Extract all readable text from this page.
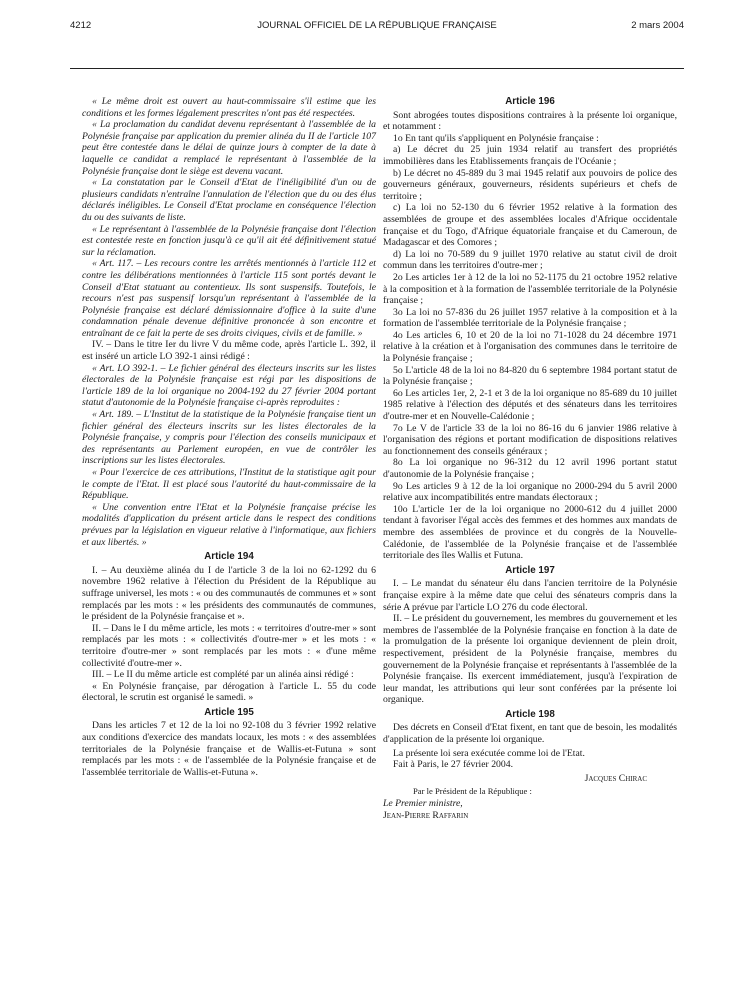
4212	JOURNAL OFFICIEL DE LA RÉPUBLIQUE FRANÇAISE	2 mars 2004

« Le même droit est ouvert au haut-commissaire s'il estime que les conditions et les formes légalement prescrites n'ont pas été respectées.

« La proclamation du candidat devenu représentant à l'assemblée de la Polynésie française par application du premier alinéa du II de l'article 107 peut être contestée dans le délai de quinze jours à compter de la date à laquelle ce candidat a remplacé le représentant à l'assemblée de la Polynésie française dont le siège est devenu vacant.

« La constatation par le Conseil d'Etat de l'inéligibilité d'un ou de plusieurs candidats n'entraîne l'annulation de l'élection que du ou des élus déclarés inéligibles. Le Conseil d'Etat proclame en conséquence l'élection du ou des suivants de liste.

« Le représentant à l'assemblée de la Polynésie française dont l'élection est contestée reste en fonction jusqu'à ce qu'il ait été définitivement statué sur la réclamation.

« Art. 117. – Les recours contre les arrêtés mentionnés à l'article 112 et contre les délibérations mentionnées à l'article 115 sont portés devant le Conseil d'Etat statuant au contentieux. Ils sont suspensifs. Toutefois, le recours n'est pas suspensif lorsqu'un représentant à l'assemblée de la Polynésie française est déclaré démissionnaire d'office à la suite d'une condamnation pénale devenue définitive prononcée à son encontre et entraînant de ce fait la perte de ses droits civiques, civils et de famille. »

IV. – Dans le titre Ier du livre V du même code, après l'article L. 392, il est inséré un article LO 392-1 ainsi rédigé :

« Art. LO 392-1. – Le fichier général des électeurs inscrits sur les listes électorales de la Polynésie française est régi par les dispositions de l'article 189 de la loi organique no 2004-192 du 27 février 2004 portant statut d'autonomie de la Polynésie française ci-après reproduites :

« Art. 189. – L'Institut de la statistique de la Polynésie française tient un fichier général des électeurs inscrits sur les listes électorales de la Polynésie française, y compris pour l'élection des conseils municipaux et des représentants au Parlement européen, en vue de contrôler les inscriptions sur les listes électorales.

« Pour l'exercice de ces attributions, l'Institut de la statistique agit pour le compte de l'Etat. Il est placé sous l'autorité du haut-commissaire de la République.

« Une convention entre l'Etat et la Polynésie française précise les modalités d'application du présent article dans le respect des conditions prévues par la législation en vigueur relative à l'informatique, aux fichiers et aux libertés. »

Article 194

I. – Au deuxième alinéa du I de l'article 3 de la loi no 62-1292 du 6 novembre 1962 relative à l'élection du Président de la République au suffrage universel, les mots : « ou des communautés de communes et » sont remplacés par les mots : « les présidents des communautés de communes, le président de la Polynésie française et ».

II. – Dans le I du même article, les mots : « territoires d'outre-mer » sont remplacés par les mots : « collectivités d'outre-mer » et les mots : « territoire d'outre-mer » sont remplacés par les mots : « d'une même collectivité d'outre-mer ».

III. – Le II du même article est complété par un alinéa ainsi rédigé :

« En Polynésie française, par dérogation à l'article L. 55 du code électoral, le scrutin est organisé le samedi. »

Article 195

Dans les articles 7 et 12 de la loi no 92-108 du 3 février 1992 relative aux conditions d'exercice des mandats locaux, les mots : « des assemblées territoriales de la Polynésie française et de Wallis-et-Futuna » sont remplacés par les mots : « de l'assemblée de la Polynésie française et de l'assemblée territoriale de Wallis-et-Futuna ».

Article 196

Sont abrogées toutes dispositions contraires à la présente loi organique, et notamment :

1o En tant qu'ils s'appliquent en Polynésie française :

a) Le décret du 25 juin 1934 relatif au transfert des propriétés immobilières dans les Etablissements français de l'Océanie ;

b) Le décret no 45-889 du 3 mai 1945 relatif aux pouvoirs de police des gouverneurs généraux, gouverneurs, résidents supérieurs et chefs de territoire ;

c) La loi no 52-130 du 6 février 1952 relative à la formation des assemblées de groupe et des assemblées locales d'Afrique occidentale française et du Togo, d'Afrique équatoriale française et du Cameroun, de Madagascar et des Comores ;

d) La loi no 70-589 du 9 juillet 1970 relative au statut civil de droit commun dans les territoires d'outre-mer ;

2o Les articles 1er à 12 de la loi no 52-1175 du 21 octobre 1952 relative à la composition et à la formation de l'assemblée territoriale de la Polynésie française ;

3o La loi no 57-836 du 26 juillet 1957 relative à la composition et à la formation de l'assemblée territoriale de la Polynésie française ;

4o Les articles 6, 10 et 20 de la loi no 71-1028 du 24 décembre 1971 relative à la création et à l'organisation des communes dans le territoire de la Polynésie française ;

5o L'article 48 de la loi no 84-820 du 6 septembre 1984 portant statut de la Polynésie française ;

6o Les articles 1er, 2, 2-1 et 3 de la loi organique no 85-689 du 10 juillet 1985 relative à l'élection des députés et des sénateurs dans les territoires d'outre-mer et en Nouvelle-Calédonie ;

7o Le V de l'article 33 de la loi no 86-16 du 6 janvier 1986 relative à l'organisation des régions et portant modification de dispositions relatives au fonctionnement des conseils généraux ;

8o La loi organique no 96-312 du 12 avril 1996 portant statut d'autonomie de la Polynésie française ;

9o Les articles 9 à 12 de la loi organique no 2000-294 du 5 avril 2000 relative aux incompatibilités entre mandats électoraux ;

10o L'article 1er de la loi organique no 2000-612 du 4 juillet 2000 tendant à favoriser l'égal accès des femmes et des hommes aux mandats de membre des assemblées de province et du congrès de la Nouvelle-Calédonie, de l'assemblée de la Polynésie française et de l'assemblée territoriale des îles Wallis et Futuna.

Article 197

I. – Le mandat du sénateur élu dans l'ancien territoire de la Polynésie française expire à la même date que celui des sénateurs compris dans la série A prévue par l'article LO 276 du code électoral.

II. – Le président du gouvernement, les membres du gouvernement et les membres de l'assemblée de la Polynésie française en fonction à la date de la promulgation de la présente loi organique deviennent de plein droit, respectivement, président de la Polynésie française, membres du gouvernement de la Polynésie française et représentants à l'assemblée de la Polynésie française. Ils exercent immédiatement, jusqu'à l'expiration de leur mandat, les attributions qui leur sont conférées par la présente loi organique.

Article 198

Des décrets en Conseil d'Etat fixent, en tant que de besoin, les modalités d'application de la présente loi organique.

La présente loi sera exécutée comme loi de l'Etat.

Fait à Paris, le 27 février 2004.

Jacques Chirac

Par le Président de la République :

Le Premier ministre,

Jean-Pierre Raffarin
